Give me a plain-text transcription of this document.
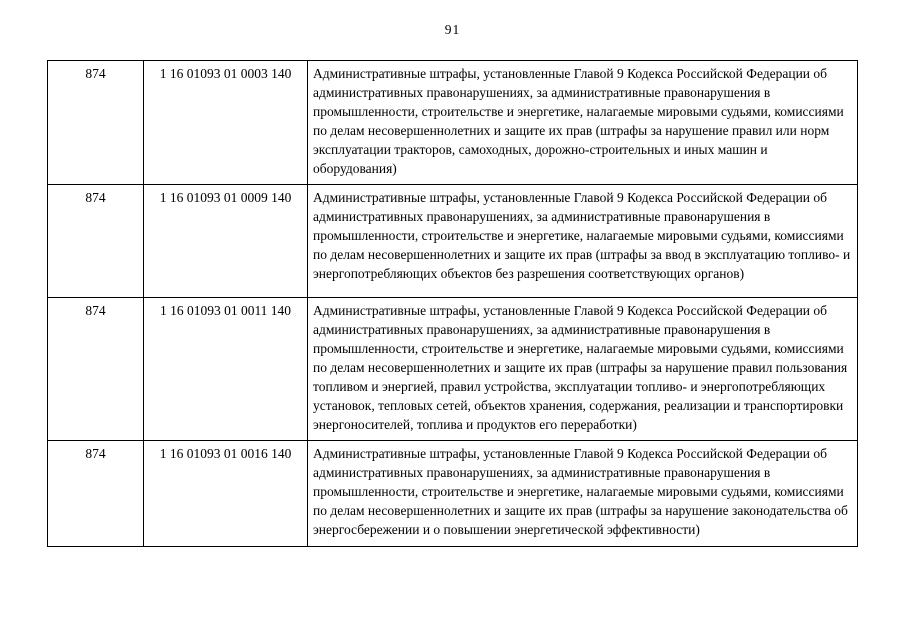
91
874	1 16 01093 01 0003 140	Административные штрафы, установленные Главой 9 Кодекса Российской Федерации об административных правонарушениях, за административные правонарушения в промышленности, строительстве и энергетике, налагаемые мировыми судьями, комиссиями по делам несовершеннолетних и защите их прав (штрафы за нарушение правил или норм эксплуатации тракторов, самоходных, дорожно-строительных и иных машин и оборудования)
874	1 16 01093 01 0009 140	Административные штрафы, установленные Главой 9 Кодекса Российской Федерации об административных правонарушениях, за административные правонарушения в промышленности, строительстве и энергетике, налагаемые мировыми судьями, комиссиями по делам несовершеннолетних и защите их прав (штрафы за ввод в эксплуатацию топливо- и энергопотребляющих объектов без разрешения соответствующих органов)
874	1 16 01093 01 0011 140	Административные штрафы, установленные Главой 9 Кодекса Российской Федерации об административных правонарушениях, за административные правонарушения в промышленности, строительстве и энергетике, налагаемые мировыми судьями, комиссиями по делам несовершеннолетних и защите их прав (штрафы за нарушение правил пользования топливом и энергией, правил устройства, эксплуатации топливо- и энергопотребляющих установок, тепловых сетей, объектов хранения, содержания, реализации и транспортировки энергоносителей, топлива и продуктов его переработки)
874	1 16 01093 01 0016 140	Административные штрафы, установленные Главой 9 Кодекса Российской Федерации об административных правонарушениях, за административные правонарушения в промышленности, строительстве и энергетике, налагаемые мировыми судьями, комиссиями по делам несовершеннолетних и защите их прав (штрафы за нарушение законодательства об энергосбережении и о повышении энергетической эффективности)
